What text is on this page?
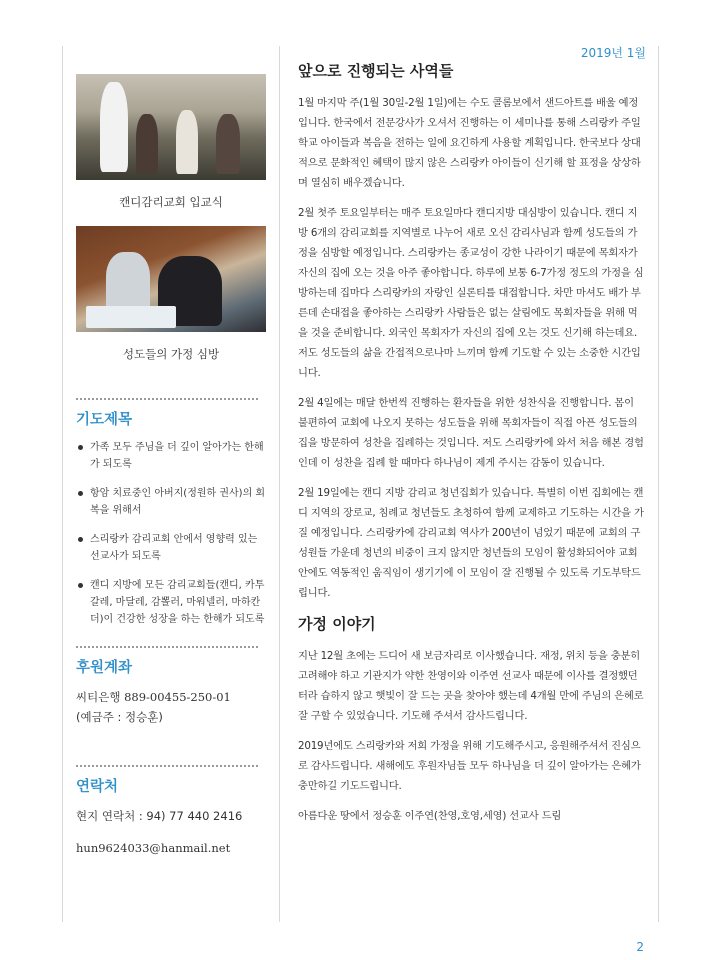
2019년 1월
캔디감리교회 입교식
성도들의 가정 심방
기도제목
가족 모두 주님을 더 깊이 알아가는 한해가 되도록
항암 치료중인 아버지(정원하 권사)의 회복을 위해서
스리랑카 감리교회 안에서 영향력 있는 선교사가 되도록
캔디 지방에 모든 감리교회들(캔디, 카투갈레, 마달레, 감뽈러, 마워넬러, 마하칸더)이 건강한 성장을 하는 한해가 되도록
후원계좌
씨티은행 889-00455-250-01
(예금주 : 정승훈)
연락처
현지 연락처 : 94) 77 440 2416
hun9624033@hanmail.net
앞으로 진행되는 사역들

1월 마지막 주(1월 30일-2월 1일)에는 수도 콜롬보에서 샌드아트를 배울 예정입니다. 한국에서 전문강사가 오셔서 진행하는 이 세미나를 통해 스리랑카 주일학교 아이들과 복음을 전하는 일에 요긴하게 사용할 계획입니다. 한국보다 상대적으로 문화적인 혜택이 많지 않은 스리랑카 아이들이 신기해 할 표정을 상상하며 열심히 배우겠습니다.

2월 첫주 토요일부터는 매주 토요일마다 캔디지방 대심방이 있습니다. 캔디 지방 6개의 감리교회를 지역별로 나누어 새로 오신 감리사님과 함께 성도들의 가정을 심방할 예정입니다. 스리랑카는 종교성이 강한 나라이기 때문에 목회자가 자신의 집에 오는 것을 아주 좋아합니다. 하루에 보통 6-7가정 정도의 가정을 심방하는데 집마다 스리랑카의 자랑인 실론티를 대접합니다. 차만 마셔도 배가 부른데 손대접을 좋아하는 스리랑카 사람들은 없는 살림에도 목회자들을 위해 먹을 것을 준비합니다. 외국인 목회자가 자신의 집에 오는 것도 신기해 하는데요. 저도 성도들의 삶을 간접적으로나마 느끼며 함께 기도할 수 있는 소중한 시간입니다.

2월 4일에는 매달 한번씩 진행하는 환자들을 위한 성찬식을 진행합니다. 몸이 불편하여 교회에 나오지 못하는 성도들을 위해 목회자들이 직접 아픈 성도들의 집을 방문하여 성찬을 집례하는 것입니다. 저도 스리랑카에 와서 처음 해본 경험인데 이 성찬을 집례 할 때마다 하나님이 제게 주시는 감동이 있습니다.

2월 19일에는 캔디 지방 감리교 청년집회가 있습니다. 특별히 이번 집회에는 캔디 지역의 장로교, 침례교 청년들도 초청하여 함께 교제하고 기도하는 시간을 가질 예정입니다. 스리랑카에 감리교회 역사가 200년이 넘었기 때문에 교회의 구성원들 가운데 청년의 비중이 크지 않지만 청년들의 모임이 활성화되어야 교회 안에도 역동적인 움직임이 생기기에 이 모임이 잘 진행될 수 있도록 기도부탁드립니다.

가정 이야기

지난 12월 초에는 드디어 새 보금자리로 이사했습니다. 재정, 위치 등을 충분히 고려해야 하고 기관지가 약한 찬영이와 이주연 선교사 때문에 이사를 결정했던 터라 습하지 않고 햇빛이 잘 드는 곳을 찾아야 했는데 4개월 만에 주님의 은혜로 잘 구할 수 있었습니다. 기도해 주셔서 감사드립니다.

2019년에도 스리랑카와 저희 가정을 위해 기도해주시고, 응원해주셔서 진심으로 감사드립니다. 새해에도 후원자님들 모두 하나님을 더 깊이 알아가는 은혜가 충만하길 기도드립니다.

아름다운 땅에서 정승훈 이주연(찬영,호영,세영) 선교사 드림

2
